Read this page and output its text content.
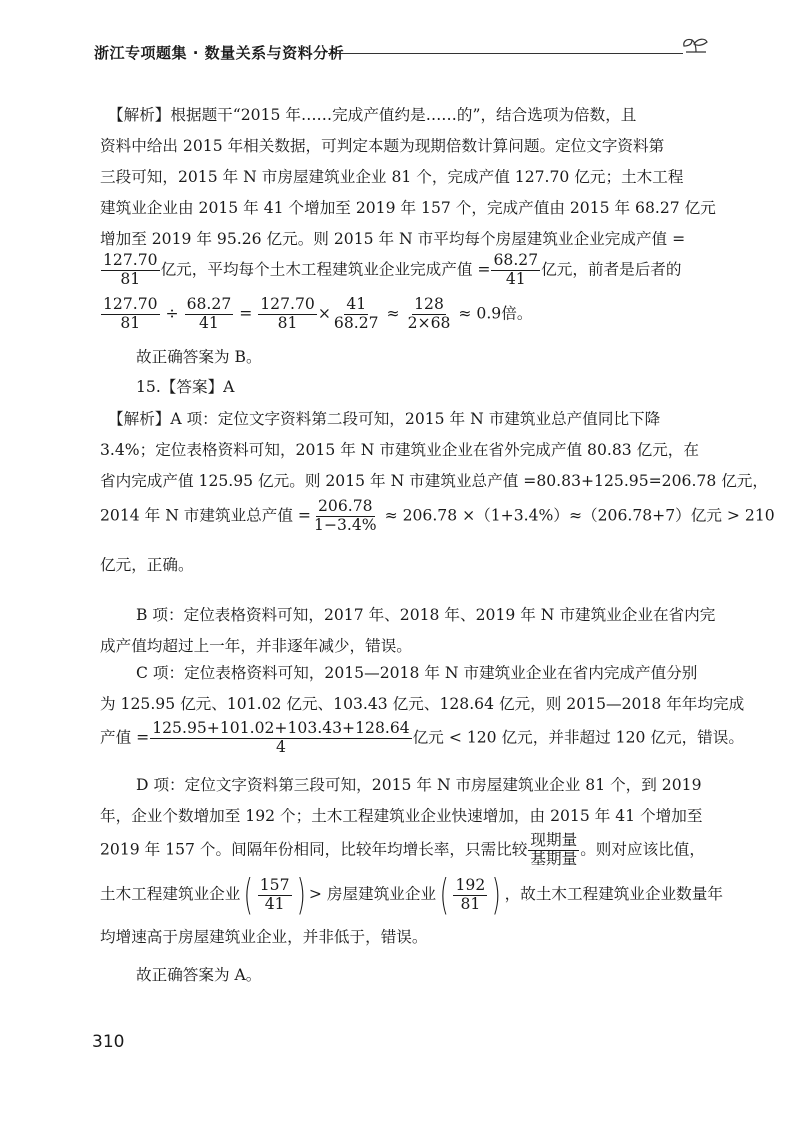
浙江专项题集 · 数量关系与资料分析
【解析】根据题干“2015 年……完成产值约是……的”，结合选项为倍数，且
资料中给出 2015 年相关数据，可判定本题为现期倍数计算问题。定位文字资料第
三段可知，2015 年 N 市房屋建筑业企业 81 个，完成产值 127.70 亿元；土木工程
建筑业企业由 2015 年 41 个增加至 2019 年 157 个，完成产值由 2015 年 68.27 亿元
增加至 2019 年 95.26 亿元。则 2015 年 N 市平均每个房屋建筑业企业完成产值 =
$\frac{127.70}{81}$ 亿元，平均每个土木工程建筑业企业完成产值 = $\frac{68.27}{41}$ 亿元，前者是后者的
$\frac{127.70}{81} \div \frac{68.27}{41} = \frac{127.70}{81} \times \frac{41}{68.27} \approx \frac{128}{2\times 68} \approx 0.9$倍。
故正确答案为 B。
15.【答案】A
【解析】A 项：定位文字资料第二段可知，2015 年 N 市建筑业总产值同比下降
3.4%；定位表格资料可知，2015 年 N 市建筑业企业在省外完成产值 80.83 亿元，在
省内完成产值 125.95 亿元。则 2015 年 N 市建筑业总产值 =80.83+125.95=206.78 亿元，
2014 年 N 市建筑业总产值 = $\frac{206.78}{1-3.4\%} \approx 206.78 \times(1+3.4\%)\approx(206.78+7)$亿元 > 210
亿元，正确。
B 项：定位表格资料可知，2017 年、2018 年、2019 年 N 市建筑业企业在省内完
成产值均超过上一年，并非逐年减少，错误。
C 项：定位表格资料可知，2015—2018 年 N 市建筑业企业在省内完成产值分别
为 125.95 亿元、101.02 亿元、103.43 亿元、128.64 亿元，则 2015—2018 年年均完成
产值 = $\frac{125.95+101.02+103.43+128.64}{4}$ 亿元 < 120 亿元，并非超过 120 亿元，错误。
D 项：定位文字资料第三段可知，2015 年 N 市房屋建筑业企业 81 个，到 2019
年，企业个数增加至 192 个；土木工程建筑业企业快速增加，由 2015 年 41 个增加至
2019 年 157 个。间隔年份相同，比较年均增长率，只需比较 $\frac{\text{现期量}}{\text{基期量}}$ 。则对应该比值，
土木工程建筑业企业 ( $\frac{157}{41}$ ) > 房屋建筑业企业 ( $\frac{192}{81}$ ) ，故土木工程建筑业企业数量年
均增速高于房屋建筑业企业，并非低于，错误。
故正确答案为 A。
310
